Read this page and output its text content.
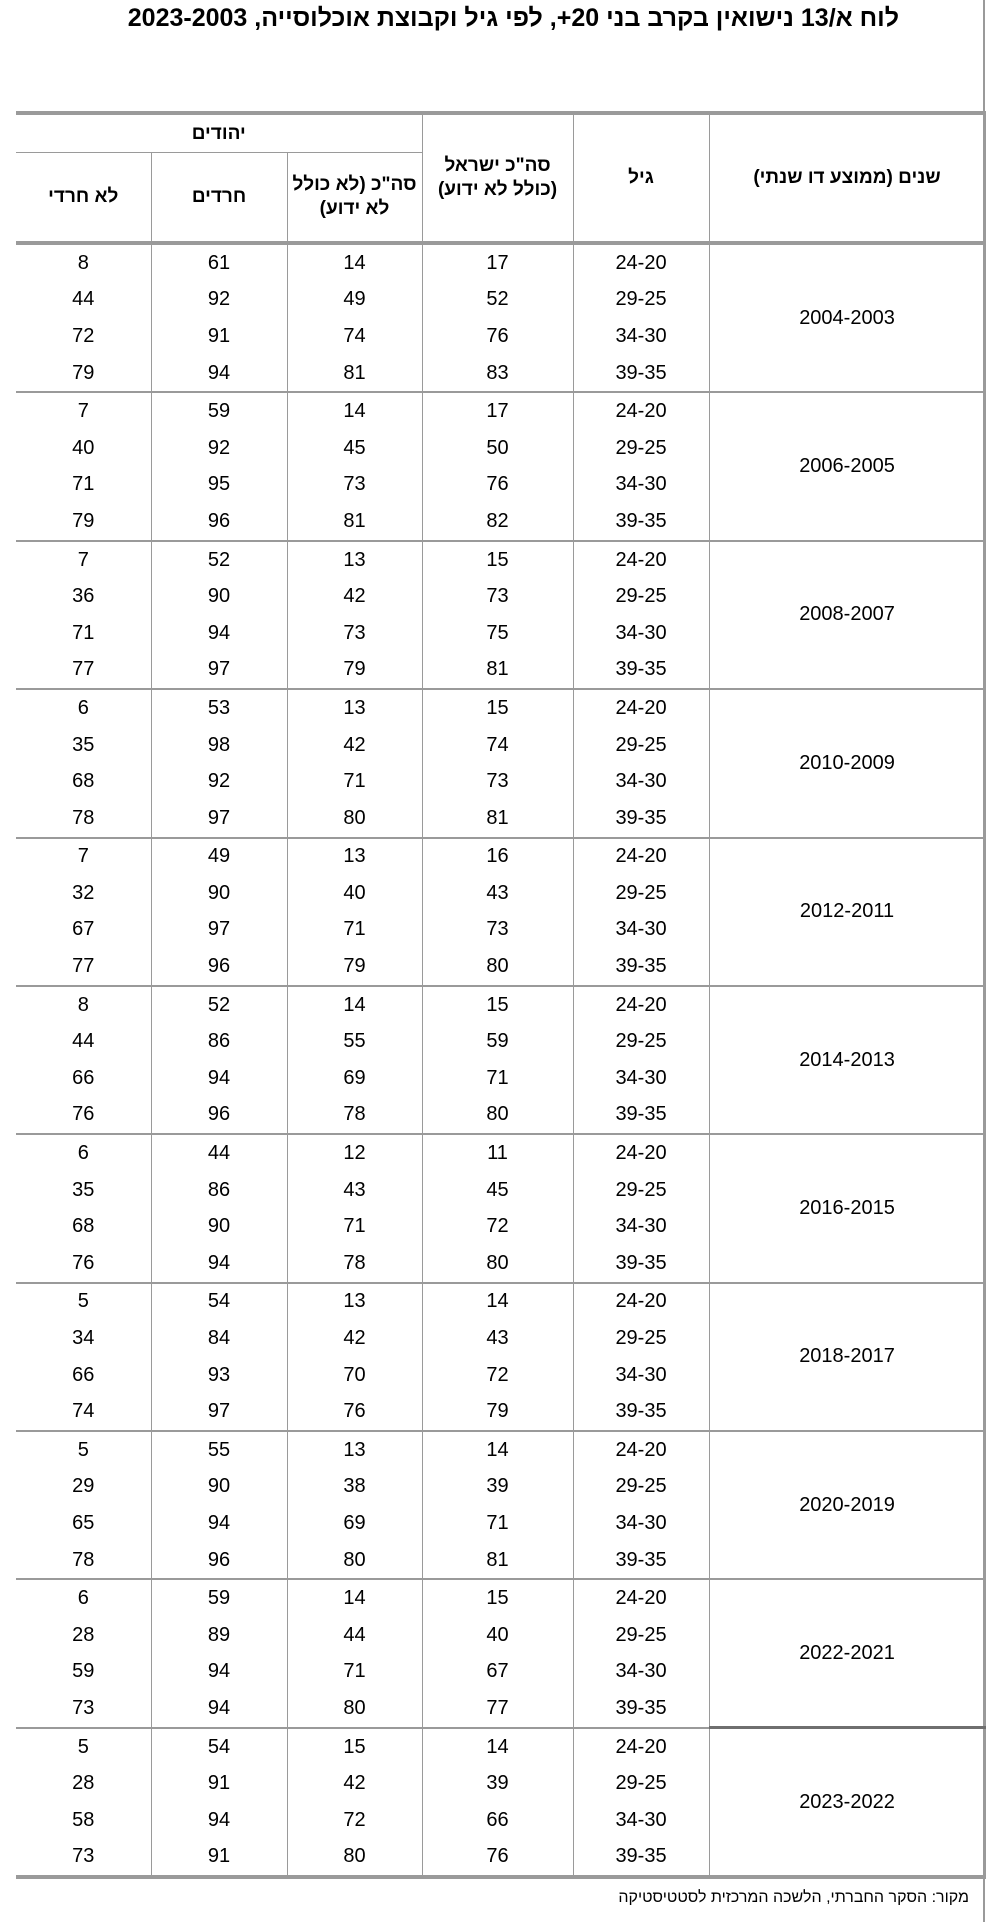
לוח א/13 נישואין בקרב בני 20+, לפי גיל וקבוצת אוכלוסייה, 2023-2003
יהודים			סה"כ ישראל (כולל לא ידוע)	גיל	שנים (ממוצע דו שנתי)
לא חרדי	חרדים	סה"כ (לא כולל לא ידוע)			
8	61	14	17	24-20	2004-2003
44	92	49	52	29-25	
72	91	74	76	34-30	
79	94	81	83	39-35	
7	59	14	17	24-20	2006-2005
40	92	45	50	29-25	
71	95	73	76	34-30	
79	96	81	82	39-35	
7	52	13	15	24-20	2008-2007
36	90	42	73	29-25	
71	94	73	75	34-30	
77	97	79	81	39-35	
6	53	13	15	24-20	2010-2009
35	98	42	74	29-25	
68	92	71	73	34-30	
78	97	80	81	39-35	
7	49	13	16	24-20	2012-2011
32	90	40	43	29-25	
67	97	71	73	34-30	
77	96	79	80	39-35	
8	52	14	15	24-20	2014-2013
44	86	55	59	29-25	
66	94	69	71	34-30	
76	96	78	80	39-35	
6	44	12	11	24-20	2016-2015
35	86	43	45	29-25	
68	90	71	72	34-30	
76	94	78	80	39-35	
5	54	13	14	24-20	2018-2017
34	84	42	43	29-25	
66	93	70	72	34-30	
74	97	76	79	39-35	
5	55	13	14	24-20	2020-2019
29	90	38	39	29-25	
65	94	69	71	34-30	
78	96	80	81	39-35	
6	59	14	15	24-20	2022-2021
28	89	44	40	29-25	
59	94	71	67	34-30	
73	94	80	77	39-35	
5	54	15	14	24-20	2023-2022
28	91	42	39	29-25	
58	94	72	66	34-30	
73	91	80	76	39-35	
מקור: הסקר החברתי, הלשכה המרכזית לסטטיסטיקה
